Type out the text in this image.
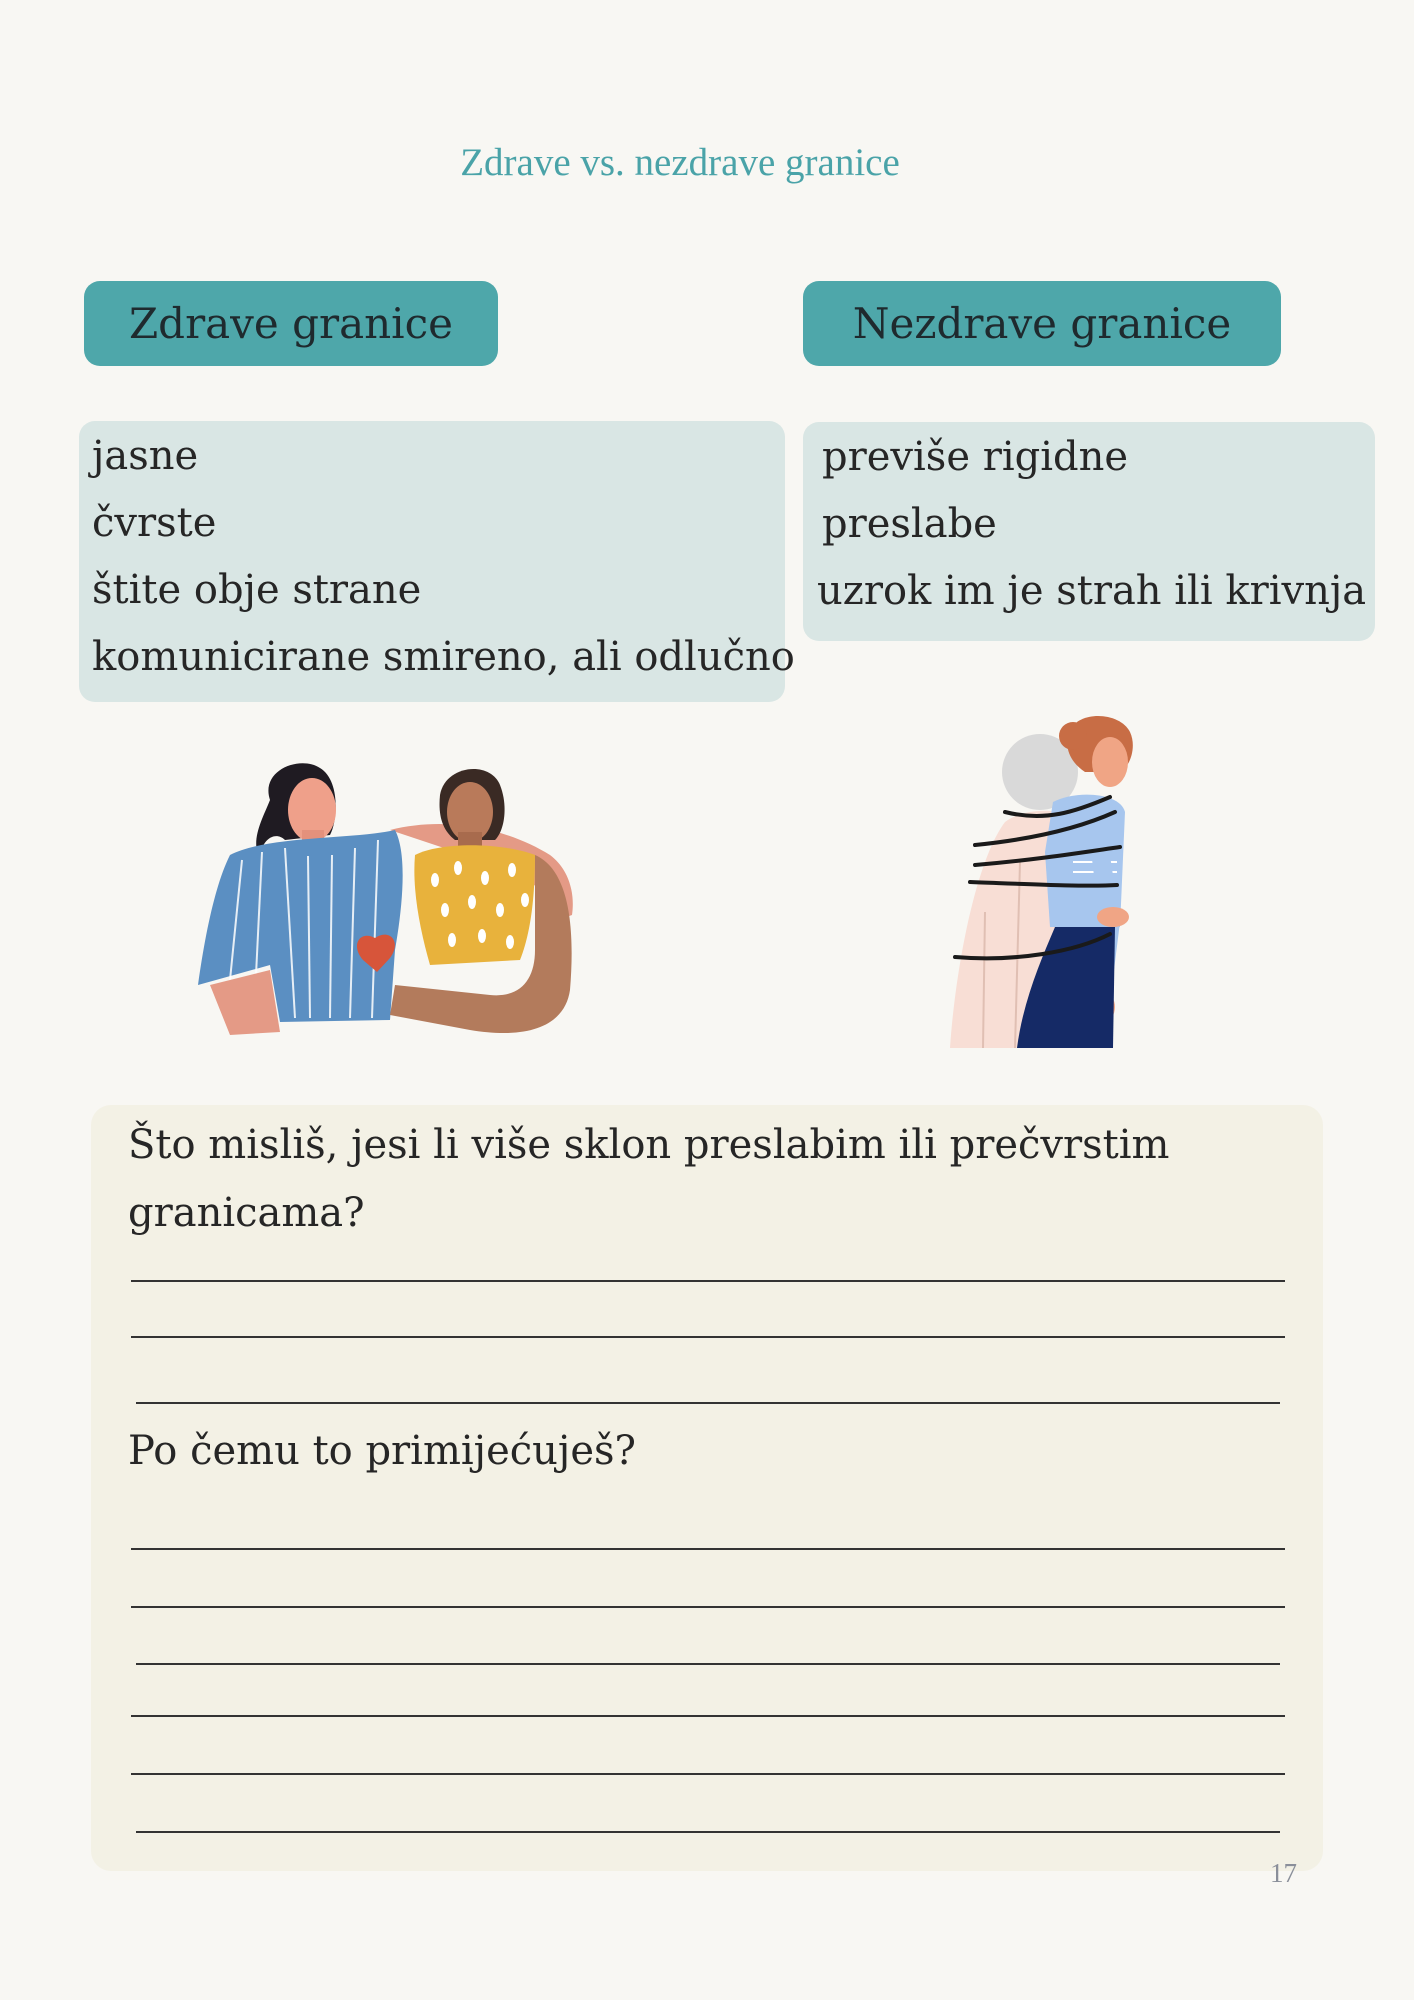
Zdrave vs. nezdrave granice
Zdrave granice	Nezdrave granice
jasne
čvrste
štite obje strane
komunicirane smireno, ali odlučno
previše rigidne
preslabe
uzrok im je strah ili krivnja
Što misliš, jesi li više sklon preslabim ili prečvrstim granicama?
Po čemu to primijećuješ?
17
